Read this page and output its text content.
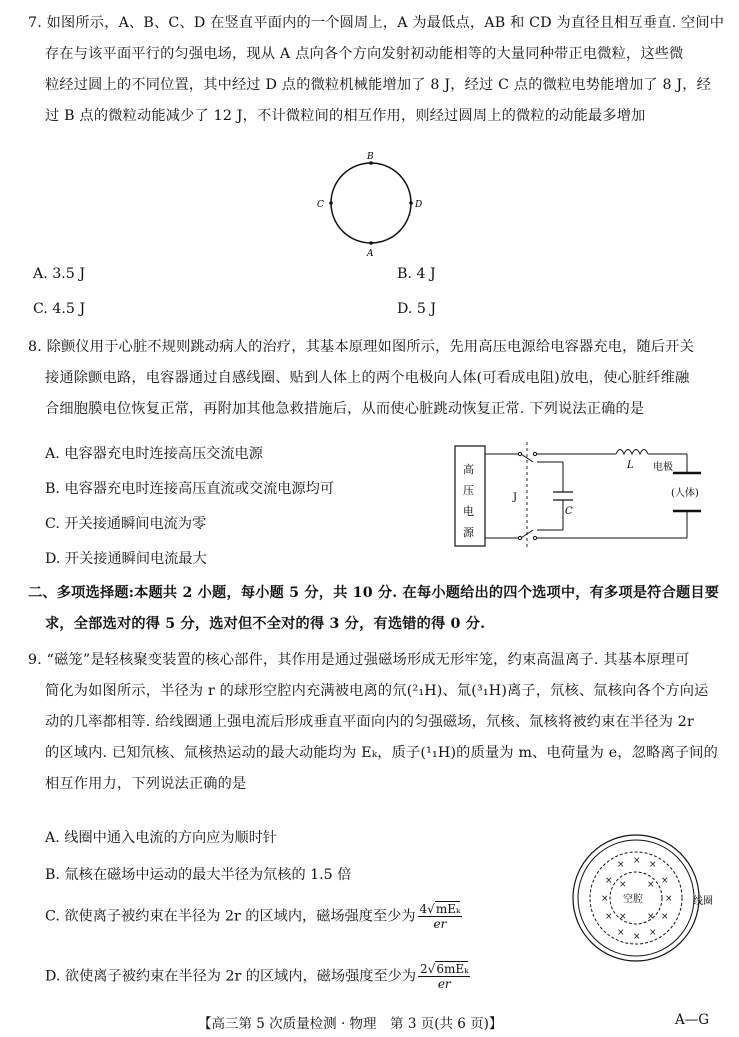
7. 如图所示，A、B、C、D 在竖直平面内的一个圆周上，A 为最低点，AB 和 CD 为直径且相互垂直. 空间中
存在与该平面平行的匀强电场，现从 A 点向各个方向发射初动能相等的大量同种带正电微粒，这些微
粒经过圆上的不同位置，其中经过 D 点的微粒机械能增加了 8 J，经过 C 点的微粒电势能增加了 8 J，经
过 B 点的微粒动能减少了 12 J，不计微粒间的相互作用，则经过圆周上的微粒的动能最多增加
B
A
C	D
A. 3.5 J	B. 4 J
C. 4.5 J	D. 5 J
8. 除颤仪用于心脏不规则跳动病人的治疗，其基本原理如图所示，先用高压电源给电容器充电，随后开关
接通除颤电路，电容器通过自感线圈、贴到人体上的两个电极向人体(可看成电阻)放电，使心脏纤维融
合细胞膜电位恢复正常，再附加其他急救措施后，从而使心脏跳动恢复正常. 下列说法正确的是
A. 电容器充电时连接高压交流电源
B. 电容器充电时连接高压直流或交流电源均可
C. 开关接通瞬间电流为零
D. 开关接通瞬间电流最大
高
压
电
源
J
C
L 电极
(人体)
二、多项选择题:本题共 2 小题，每小题 5 分，共 10 分. 在每小题给出的四个选项中，有多项是符合题目要
求，全部选对的得 5 分，选对但不全对的得 3 分，有选错的得 0 分.
9. “磁笼”是轻核聚变装置的核心部件，其作用是通过强磁场形成无形牢笼，约束高温离子. 其基本原理可
简化为如图所示，半径为 r 的球形空腔内充满被电离的氘(²₁H)、氚(³₁H)离子，氘核、氚核向各个方向运
动的几率都相等. 给线圈通上强电流后形成垂直平面向内的匀强磁场，氘核、氚核将被约束在半径为 2r
的区域内. 已知氘核、氚核热运动的最大动能均为 Eₖ，质子(¹₁H)的质量为 m、电荷量为 e，忽略离子间的
相互作用力，下列说法正确的是
A. 线圈中通入电流的方向应为顺时针
B. 氚核在磁场中运动的最大半径为氘核的 1.5 倍
C. 欲使离子被约束在半径为 2r 的区域内，磁场强度至少为 $\frac{\text{4√mEₖ}}{er}$
D. 欲使离子被约束在半径为 2r 的区域内，磁场强度至少为 $\frac{\text{2√6mEₖ}}{er}$
× × ×
×	×
×	×
×	×
× × ×
× ×
× ×
空腔	线圈
【高三第 5 次质量检测 · 物理　第 3 页(共 6 页)】	A—G
